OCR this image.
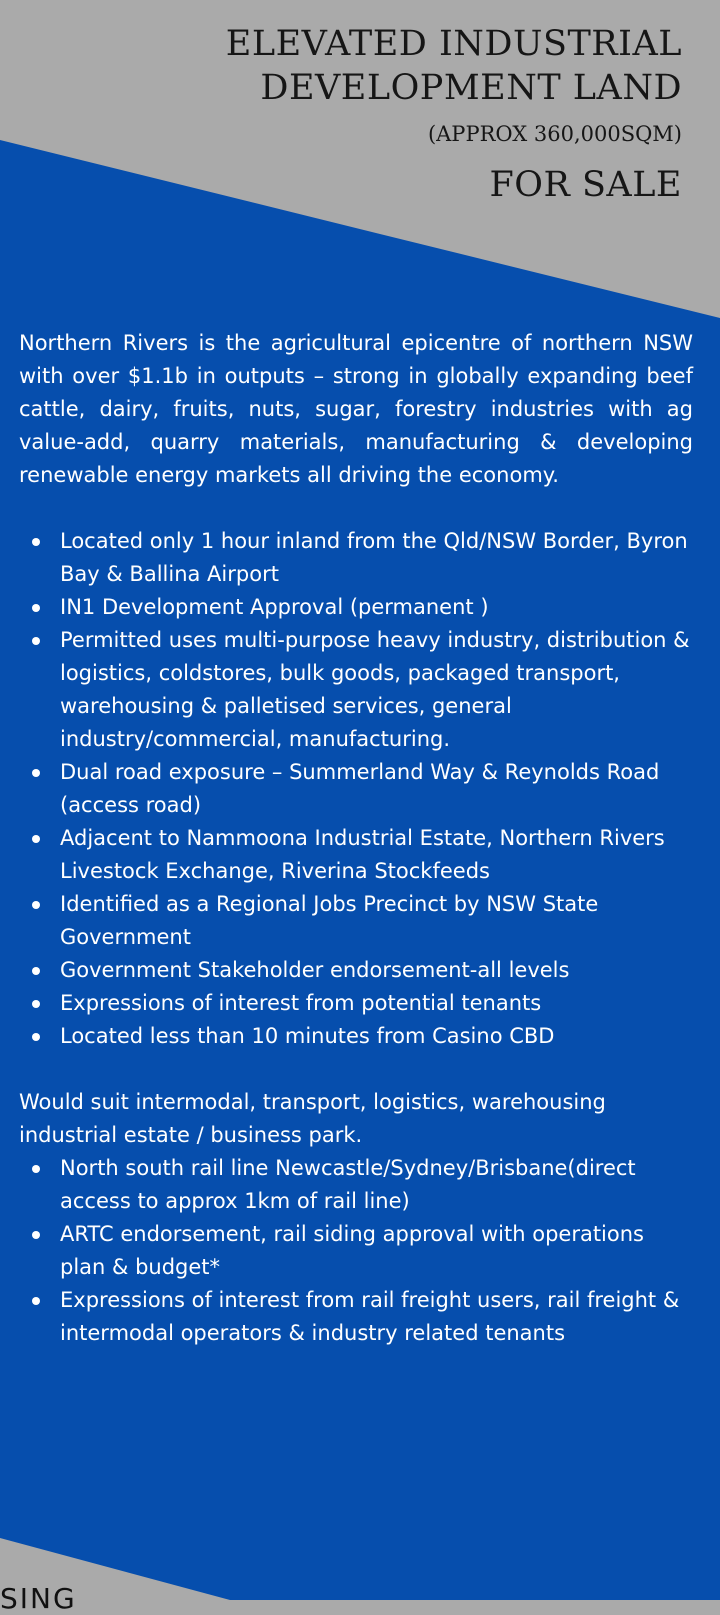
ELEVATED INDUSTRIAL
DEVELOPMENT LAND
(APPROX 360,000SQM)
FOR SALE

Northern Rivers is the agricultural epicentre of northern NSW with over $1.1b in outputs – strong in globally expanding beef cattle, dairy, fruits, nuts, sugar, forestry industries with ag value-add, quarry materials, manufacturing & developing renewable energy markets all driving the economy.

Located only 1 hour inland from the Qld/NSW Border, Byron Bay & Ballina Airport
IN1 Development Approval (permanent )
Permitted uses multi-purpose heavy industry, distribution & logistics, coldstores, bulk goods, packaged transport, warehousing & palletised services, general industry/commercial, manufacturing.
Dual road exposure – Summerland Way & Reynolds Road (access road)
Adjacent to Nammoona Industrial Estate, Northern Rivers Livestock Exchange, Riverina Stockfeeds
Identified as a Regional Jobs Precinct by NSW State Government
Government Stakeholder endorsement-all levels
Expressions of interest from potential tenants
Located less than 10 minutes from Casino CBD

Would suit intermodal, transport, logistics, warehousing industrial estate / business park.

North south rail line Newcastle/Sydney/Brisbane(direct access to approx 1km of rail line)
ARTC endorsement, rail siding approval with operations plan & budget*
Expressions of interest from rail freight users, rail freight & intermodal operators & industry related tenants
SING
